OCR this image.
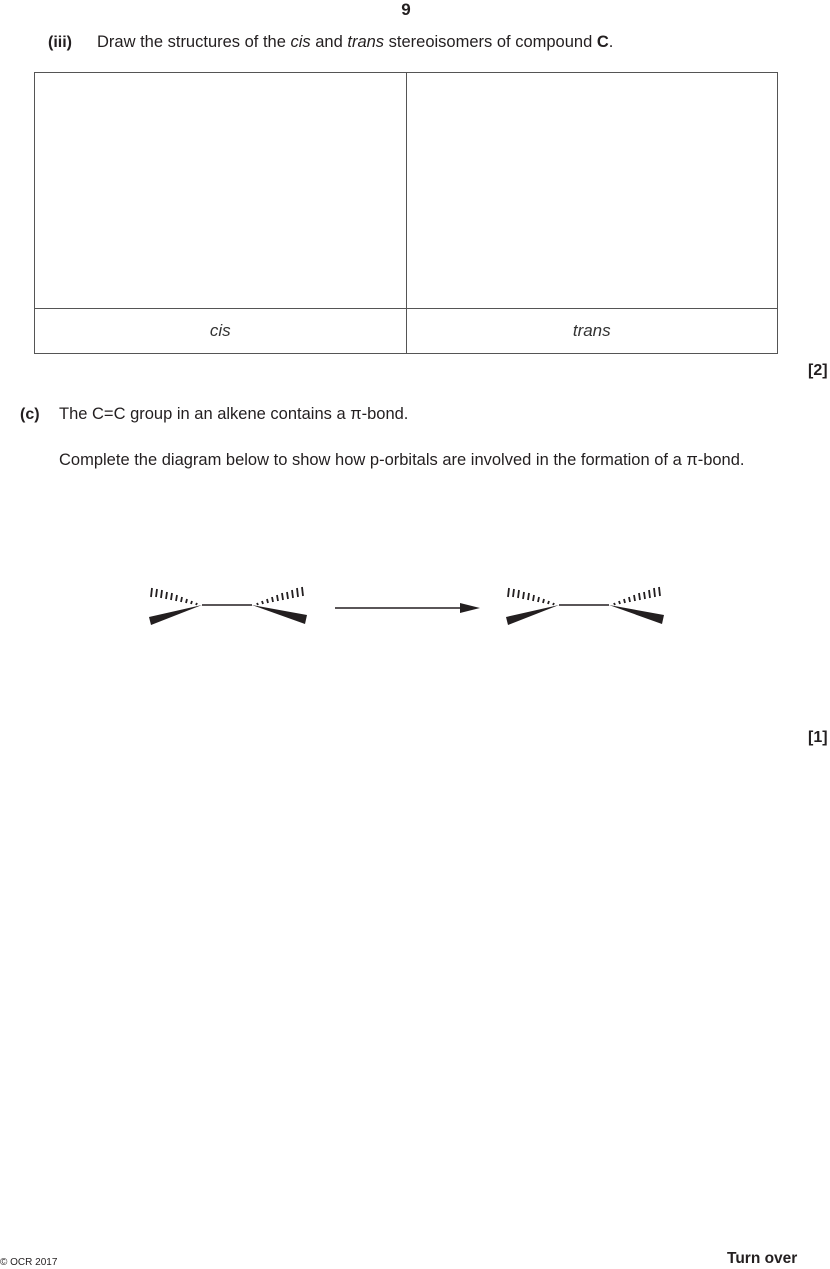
9
(iii) Draw the structures of the cis and trans stereoisomers of compound C.

cis	trans
[2]
(c) The C=C group in an alkene contains a π-bond.
Complete the diagram below to show how p-orbitals are involved in the formation of a π-bond.
[1]
© OCR 2017	Turn over
